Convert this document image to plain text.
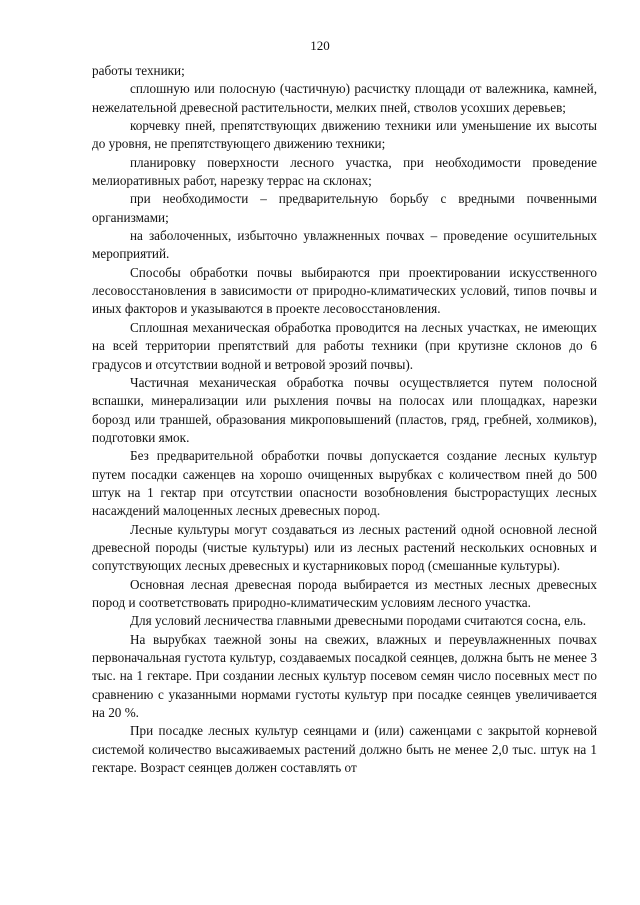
120

работы техники;

сплошную или полосную (частичную) расчистку площади от валежника, камней, нежелательной древесной растительности, мелких пней, стволов усохших деревьев;

корчевку пней, препятствующих движению техники или уменьшение их высоты до уровня, не препятствующего движению техники;

планировку поверхности лесного участка, при необходимости проведение мелиоративных работ, нарезку террас на склонах;

при необходимости – предварительную борьбу с вредными почвенными организмами;

на заболоченных, избыточно увлажненных почвах – проведение осушительных мероприятий.

Способы обработки почвы выбираются при проектировании искусственного лесовосстановления в зависимости от природно-климатических условий, типов почвы и иных факторов и указываются в проекте лесовосстановления.

Сплошная механическая обработка проводится на лесных участках, не имеющих на всей территории препятствий для работы техники (при крутизне склонов до 6 градусов и отсутствии водной и ветровой эрозий почвы).

Частичная механическая обработка почвы осуществляется путем полосной вспашки, минерализации или рыхления почвы на полосах или площадках, нарезки борозд или траншей, образования микроповышений (пластов, гряд, гребней, холмиков), подготовки ямок.

Без предварительной обработки почвы допускается создание лесных культур путем посадки саженцев на хорошо очищенных вырубках с количеством пней до 500 штук на 1 гектар при отсутствии опасности возобновления быстрорастущих лесных насаждений малоценных лесных древесных пород.

Лесные культуры могут создаваться из лесных растений одной основной лесной древесной породы (чистые культуры) или из лесных растений нескольких основных и сопутствующих лесных древесных и кустарниковых пород (смешанные культуры).

Основная лесная древесная порода выбирается из местных лесных древесных пород и соответствовать природно-климатическим условиям лесного участка.

Для условий лесничества главными древесными породами считаются сосна, ель.

На вырубках таежной зоны на свежих, влажных и переувлажненных почвах первоначальная густота культур, создаваемых посадкой сеянцев, должна быть не менее 3 тыс. на 1 гектаре. При создании лесных культур посевом семян число посевных мест по сравнению с указанными нормами густоты культур при посадке сеянцев увеличивается на 20 %.

При посадке лесных культур сеянцами и (или) саженцами с закрытой корневой системой количество высаживаемых растений должно быть не менее 2,0 тыс. штук на 1 гектаре. Возраст сеянцев должен составлять от
